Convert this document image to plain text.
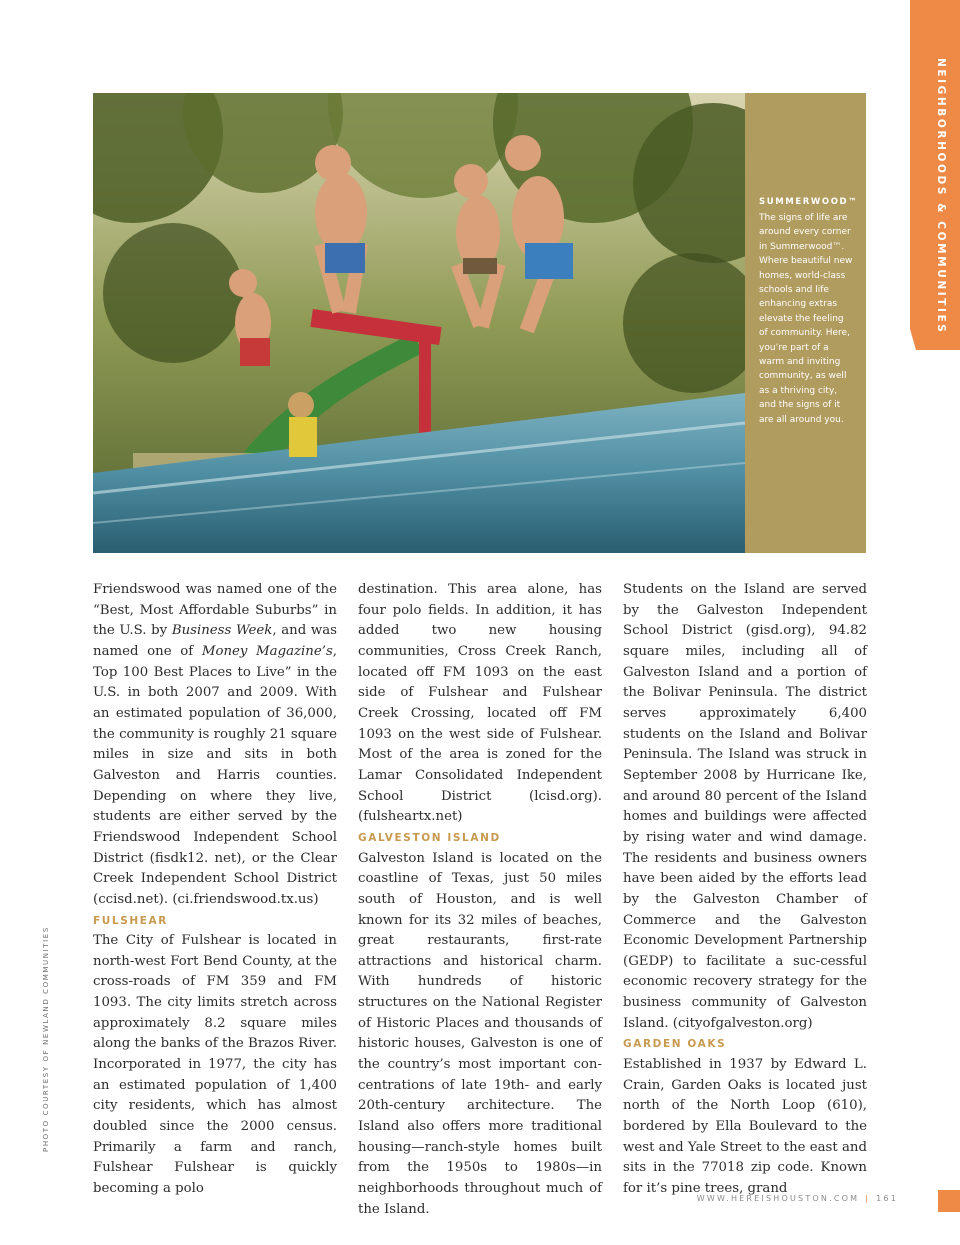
NEIGHBORHOODS & COMMUNITIES

SUMMERWOOD™

The signs of life are around every corner in Summerwood™. Where beautiful new homes, world-class schools and life enhancing extras elevate the feeling of community. Here, you’re part of a warm and inviting community, as well as a thriving city, and the signs of it are all around you.

Friendswood was named one of the “Best, Most Affordable Suburbs” in the U.S. by Business Week, and was named one of Money Magazine’s, Top 100 Best Places to Live” in the U.S. in both 2007 and 2009. With an estimated population of 36,000, the community is roughly 21 square miles in size and sits in both Galveston and Harris counties. Depending on where they live, students are either served by the Friendswood Independent School District (fisdk12. net), or the Clear Creek Independent School District (ccisd.net). (ci.friendswood.tx.us)

FULSHEAR

The City of Fulshear is located in north-west Fort Bend County, at the cross-roads of FM 359 and FM 1093. The city limits stretch across approximately 8.2 square miles along the banks of the Brazos River. Incorporated in 1977, the city has an estimated population of 1,400 city residents, which has almost doubled since the 2000 census. Primarily a farm and ranch, Fulshear Fulshear is quickly becoming a polo

destination. This area alone, has four polo fields. In addition, it has added two new housing communities, Cross Creek Ranch, located off FM 1093 on the east side of Fulshear and Fulshear Creek Crossing, located off FM 1093 on the west side of Fulshear. Most of the area is zoned for the Lamar Consolidated Independent School District (lcisd.org). (fulsheartx.net)

GALVESTON ISLAND

Galveston Island is located on the coastline of Texas, just 50 miles south of Houston, and is well known for its 32 miles of beaches, great restaurants, first-rate attractions and historical charm. With hundreds of historic structures on the National Register of Historic Places and thousands of historic houses, Galveston is one of the country’s most important con-centrations of late 19th- and early 20th-century architecture. The Island also offers more traditional housing—ranch-style homes built from the 1950s to 1980s—in neighborhoods throughout much of the Island.

Students on the Island are served by the Galveston Independent School District (gisd.org), 94.82 square miles, including all of Galveston Island and a portion of the Bolivar Peninsula. The district serves approximately 6,400 students on the Island and Bolivar Peninsula. The Island was struck in September 2008 by Hurricane Ike, and around 80 percent of the Island homes and buildings were affected by rising water and wind damage. The residents and business owners have been aided by the efforts lead by the Galveston Chamber of Commerce and the Galveston Economic Development Partnership (GEDP) to facilitate a suc-cessful economic recovery strategy for the business community of Galveston Island. (cityofgalveston.org)

GARDEN OAKS

Established in 1937 by Edward L. Crain, Garden Oaks is located just north of the North Loop (610), bordered by Ella Boulevard to the west and Yale Street to the east and sits in the 77018 zip code. Known for it’s pine trees, grand

PHOTO COURTESY OF NEWLAND COMMUNITIES
WWW.HEREISHOUSTON.COM | 161
